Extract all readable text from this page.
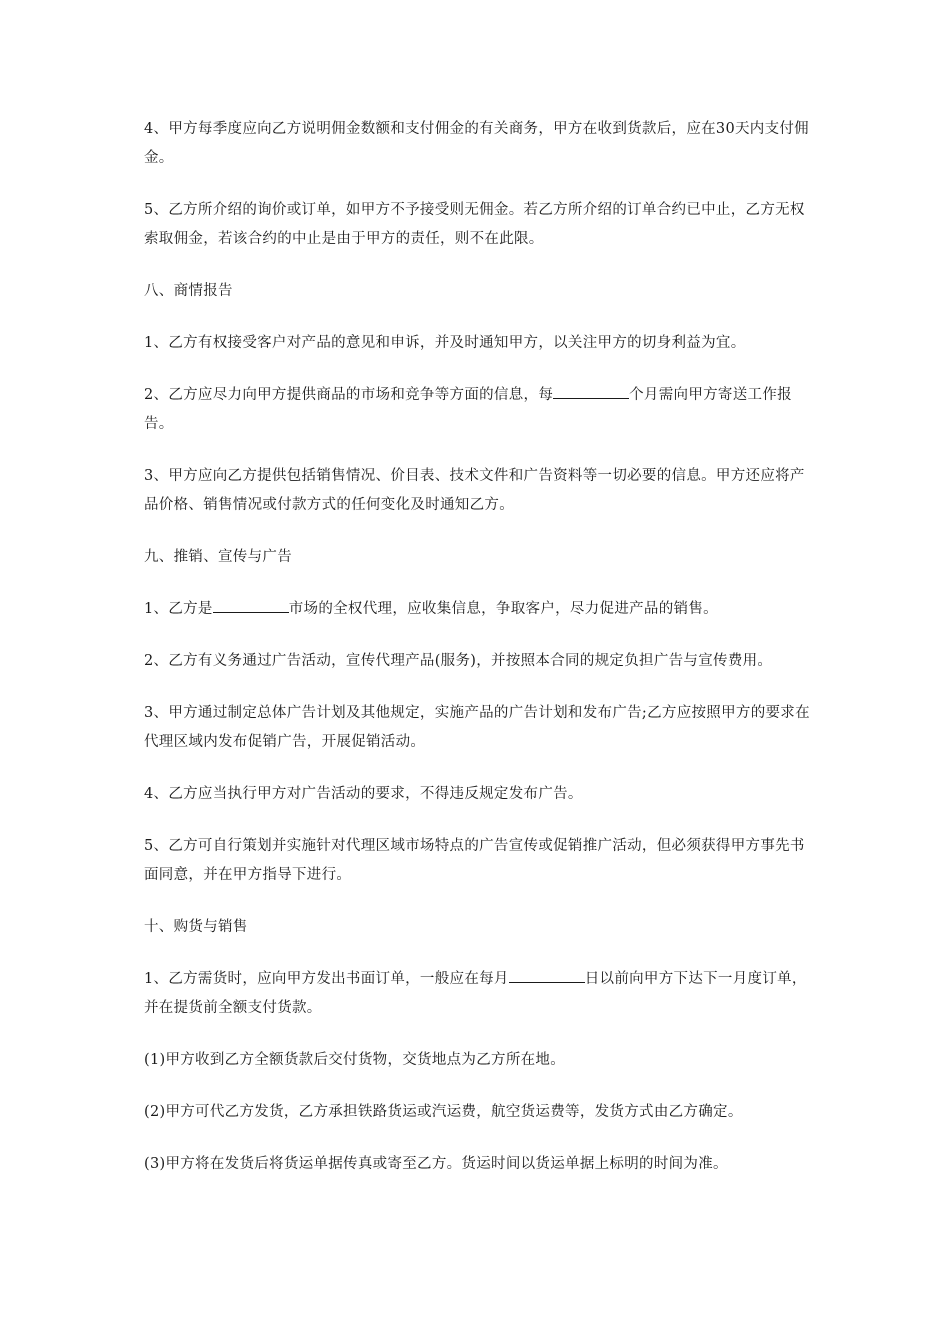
4、甲方每季度应向乙方说明佣金数额和支付佣金的有关商务，甲方在收到货款后，应在30天内支付佣金。

5、乙方所介绍的询价或订单，如甲方不予接受则无佣金。若乙方所介绍的订单合约已中止，乙方无权索取佣金，若该合约的中止是由于甲方的责任，则不在此限。

八、商情报告

1、乙方有权接受客户对产品的意见和申诉，并及时通知甲方，以关注甲方的切身利益为宜。

2、乙方应尽力向甲方提供商品的市场和竞争等方面的信息，每	个月需向甲方寄送工作报告。

3、甲方应向乙方提供包括销售情况、价目表、技术文件和广告资料等一切必要的信息。甲方还应将产品价格、销售情况或付款方式的任何变化及时通知乙方。

九、推销、宣传与广告

1、乙方是	市场的全权代理，应收集信息，争取客户，尽力促进产品的销售。

2、乙方有义务通过广告活动，宣传代理产品(服务)，并按照本合同的规定负担广告与宣传费用。

3、甲方通过制定总体广告计划及其他规定，实施产品的广告计划和发布广告;乙方应按照甲方的要求在代理区域内发布促销广告，开展促销活动。

4、乙方应当执行甲方对广告活动的要求，不得违反规定发布广告。

5、乙方可自行策划并实施针对代理区域市场特点的广告宣传或促销推广活动，但必须获得甲方事先书面同意，并在甲方指导下进行。

十、购货与销售

1、乙方需货时，应向甲方发出书面订单，一般应在每月	日以前向甲方下达下一月度订单，并在提货前全额支付货款。

(1)甲方收到乙方全额货款后交付货物，交货地点为乙方所在地。

(2)甲方可代乙方发货，乙方承担铁路货运或汽运费，航空货运费等，发货方式由乙方确定。

(3)甲方将在发货后将货运单据传真或寄至乙方。货运时间以货运单据上标明的时间为准。
